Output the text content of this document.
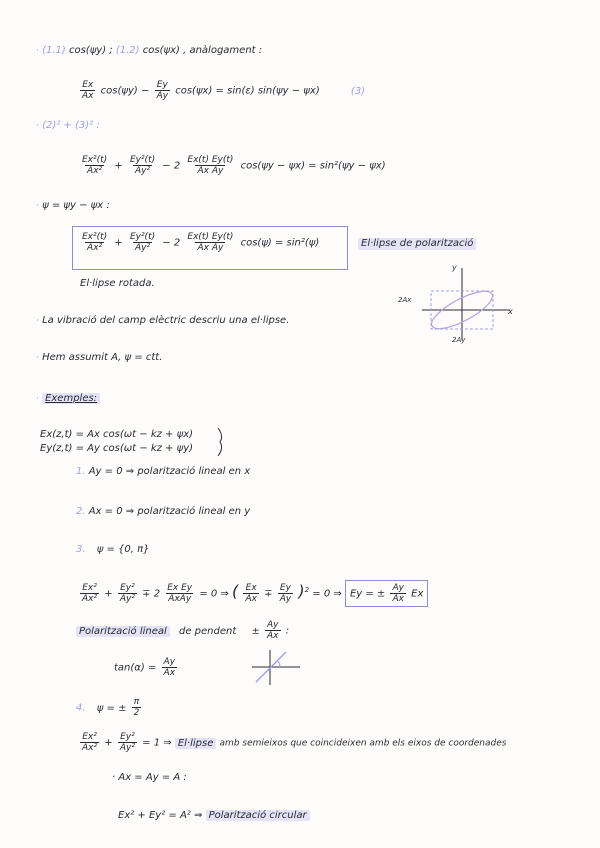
· (1.1) cos(ψy) ; (1.2) cos(ψx) , anàlogament :
$\frac{Ex}{Ax} \cos(\psi y) - \frac{Ey}{Ay} \cos(\psi x) = \sin(\varepsilon) \sin(\psi y - \psi x)$	(3)
· (2)² + (3)² :
$\frac{\text{Ex²(t)}}{\text{Ax²}} + \frac{\text{Ey²(t)}}{\text{Ay²}} - 2 \frac{Ex(t) Ey(t)}{\text{Ax Ay}} \cos(\psi y - \psi x) = \sin^2(\psi y - \psi x)$
· ψ = ψy − ψx :
$\frac{\text{Ex²(t)}}{\text{Ax²}} + \frac{\text{Ey²(t)}}{\text{Ay²}} - 2 \frac{Ex(t) Ey(t)}{\text{Ax Ay}} \cos(\psi) = \sin^2(\psi)$	El·lipse de polarització
El·lipse rotada.
y
x
2Ax
2Ay
· La vibració del camp elèctric descriu una el·lipse.
· Hem assumit A, ψ = ctt.
· Exemples:
Ex(z,t) = Ax cos(ωt − kz + ψx)
Ey(z,t) = Ay cos(ωt − kz + ψy)
1. Ay = 0 ⇒ polarització lineal en x
2. Ax = 0 ⇒ polarització lineal en y
3. ψ = {0, π}
$\frac{\text{Ex²}}{\text{Ax²}} + \frac{\text{Ey²}}{\text{Ay²}} \mp 2 \frac{\text{Ex Ey}}{\text{AxAy}} = 0$ ⇒ ( $\frac{Ex}{Ax} \mp \frac{Ey}{Ay} )^2 = 0$ ⇒ Ey = ± $\frac{Ay}{Ax}$ Ex
Polarització lineal de pendent ± $\frac{Ay}{Ax}$ :
$\tan(\alpha) = \frac{Ay}{Ax}$
4. ψ = ± $\frac{\pi}{2}$
$\frac{\text{Ex²}}{\text{Ax²}} + \frac{\text{Ey²}}{\text{Ay²}} = 1$ ⇒ El·lipse amb semieixos que coincideixen amb els eixos de coordenades
· Ax = Ay = A :
Ex² + Ey² = A² ⇒ Polarització circular
